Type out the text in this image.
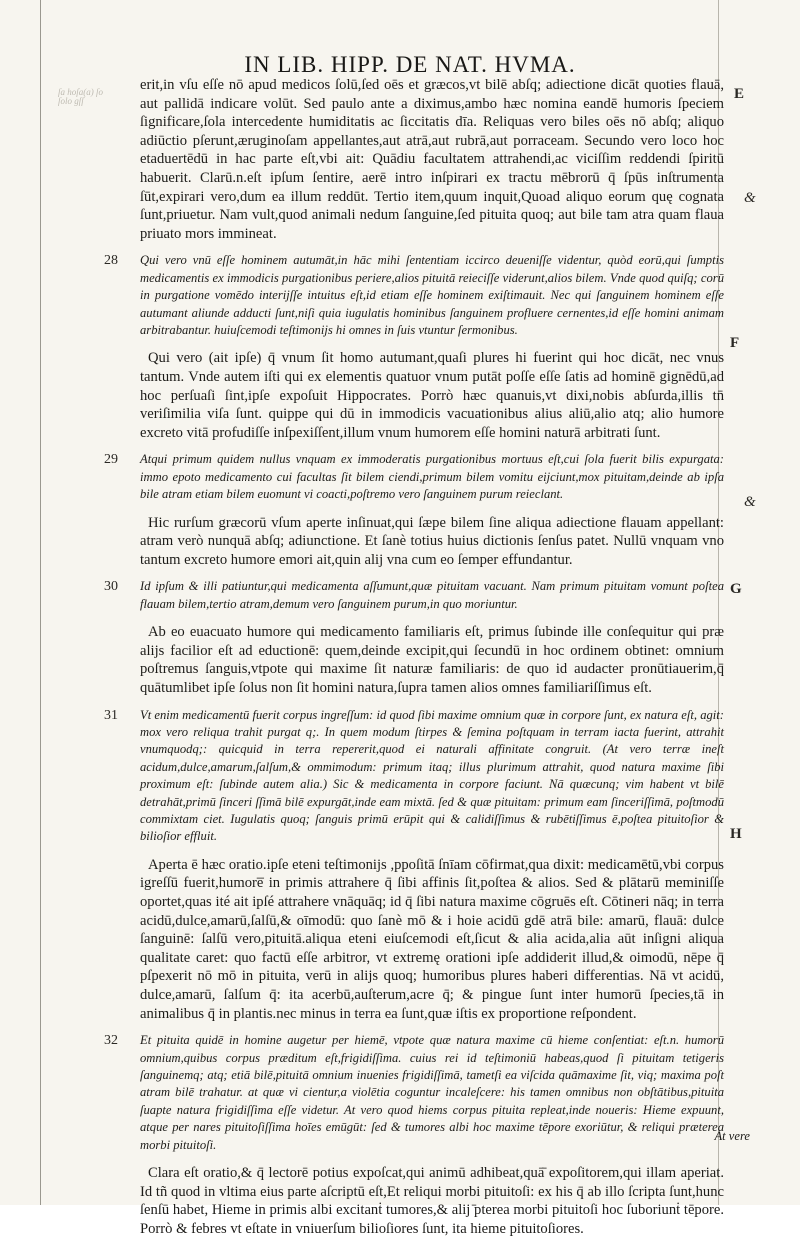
IN LIB. HIPP. DE NAT. HVMA.
ſa hoſa(a) ſo ſolo gſſ	E
&
F
&
G
H

erit,in vſu eſſe nō apud medicos ſolū,ſed oēs et græcos,vt bilē abſq; adiectione dicāt quoties flauā, aut pallidā indicare volūt. Sed paulo ante a diximus,ambo hæc nomina eandē humoris ſpeciem ſignificare,ſola intercedente humiditatis ac ſiccitatis dīa. Reliquas vero biles oēs nō abſq; aliquo adiūctio pſerunt,æruginoſam appellantes,aut atrā,aut rubrā,aut porraceam. Secundo vero loco hoc etaduertēdū in hac parte eſt,vbi ait: Quādiu facultatem attrahendi,ac viciſſim reddendi ſpiritū habuerit. Clarū.n.eſt ipſum ſentire, aerē intro inſpirari ex tractu mēbrorū q̄ ſpūs inſtrumenta ſūt,expirari vero,dum ea illum reddūt. Tertio item,quum inquit,Quoad aliquo eorum quę cognata ſunt,priuetur. Nam vult,quod animali nedum ſanguine,ſed pituita quoq; aut bile tam atra quam flaua priuato mors immineat.

28 Qui vero vnū eſſe hominem autumāt,in hāc mihi ſententiam iccirco deueniſſe videntur, quòd eorū,qui ſumptis medicamentis ex immodicis purgationibus periere,alios pituitā reieciſſe viderunt,alios bilem. Vnde quod quiſq; corū in purgatione vomēdo interijſſe intuitus eſt,id etiam eſſe hominem exiſtimauit. Nec qui ſanguinem hominem eſſe autumant aliunde adducti ſunt,niſi quia iugulatis hominibus ſanguinem profluere cernentes,id eſſe homini animam arbitrabantur. huiuſcemodi teſtimonijs hi omnes in ſuis vtuntur ſermonibus.

Qui vero (ait ipſe) q̄ vnum ſit homo autumant,quaſi plures hi fuerint qui hoc dicāt, nec vnus tantum. Vnde autem iſti qui ex elementis quatuor vnum putāt poſſe eſſe ſatis ad hominē gignēdū,ad hoc perſuaſi ſint,ipſe expoſuit Hippocrates. Porrò hæc quanuis,vt dixi,nobis abſurda,illis tn̄ veriſimilia viſa ſunt. quippe qui dū in immodicis vacuationibus alius aliū,alio atq; alio humore excreto vitā profudiſſe inſpexiſſent,illum vnum humorem eſſe homini naturā arbitrati ſunt.

29 Atqui primum quidem nullus vnquam ex immoderatis purgationibus mortuus eſt,cui ſola fuerit bilis expurgata: immo epoto medicamento cui facultas ſit bilem ciendi,primum bilem vomitu eijciunt,mox pituitam,deinde ab ipſa bile atram etiam bilem euomunt vi coacti,poſtremo vero ſanguinem purum reieclant.

Hic rurſum græcorū vſum aperte inſinuat,qui ſæpe bilem ſine aliqua adiectione flauam appellant: atram verò nunquā abſq; adiunctione. Et ſanè totius huius dictionis ſenſus patet. Nullū vnquam vno tantum excreto humore emori ait,quin alij vna cum eo ſemper effundantur.

30 Id ipſum & illi patiuntur,qui medicamenta aſſumunt,quæ pituitam vacuant. Nam primum pituitam vomunt poſtea flauam bilem,tertio atram,demum vero ſanguinem purum,in quo moriuntur.

Ab eo euacuato humore qui medicamento familiaris eſt, primus ſubinde ille conſequitur qui præ alijs facilior eſt ad eductionē: quem,deinde excipit,qui ſecundū in hoc ordinem obtinet: omnium poſtremus ſanguis,vtpote qui maxime ſit naturæ familiaris: de quo id audacter pronūtiauerim,q̄ quātumlibet ipſe ſolus non ſit homini natura,ſupra tamen alios omnes familiariſſimus eſt.

31 Vt enim medicamentū fuerit corpus ingreſſum: id quod ſibi maxime omnium quæ in corpore ſunt, ex natura eſt, agit: mox vero reliqua trahit purgat q;. In quem modum ſtirpes & ſemina poſtquam in terram iacta fuerint, attrahit vnumquodq;: quicquid in terra repererit,quod ei naturali affinitate congruit. (At vero terræ ineſt acidum,dulce,amarum,ſalſum,& ommimodum: primum itaq; illus plurimum attrahit, quod natura maxime ſibi proximum eſt: ſubinde autem alia.) Sic & medicamenta in corpore faciunt. Nā quæcunq; vim habent vt bilē detrahāt,primū ſinceri ſſimā bilē expurgāt,inde eam mixtā. ſed & quæ pituitam: primum eam ſinceriſſimā, poſtmodū commixtam ciet. Iugulatis quoq; ſanguis primū erūpit qui & calidiſſimus & rubētiſſimus ē,poſtea pituitoſior & bilioſior effluit.

Aperta ē hæc oratio.ipſe eteni teſtimonijs ,ppoſitā ſnīam cōfirmat,qua dixit: medicamētū,vbi corpus igreſſū fuerit,humore̅ in primis attrahere q̄ ſibi affinis ſit,poſtea & alios. Sed & plātarū meminiſſe oportet,quas ité ait ipſé attrahere vnāquāq; id q̄ ſibi natura maxime cōgruēs eſt. Cōtineri nāq; in terra acidū,dulce,amarū,ſalſū,& oīmodū: quo ſanè mō & i hoie acidū gdē atrā bile: amarū, flauā: dulce ſanguinē: ſalſū vero,pituitā.aliqua eteni eiuſcemodi eſt,ſicut & alia acida,alia aūt inſigni aliqua qualitate caret: quo factū eſſe arbitror, vt extremę orationi ipſe addiderit illud,& oimodū, nēpe q̄ pſpexerit nō mō in pituita, verū in alijs quoq; humoribus plures haberi differentias. Nā vt acidū, dulce,amarū, ſalſum q̄: ita acerbū,auſterum,acre q̄; & pingue ſunt inter humorū ſpecies,tā in animalibus q̄ in plantis.nec minus in terra ea ſunt,quæ iſtis ex proportione reſpondent.

32 Et pituita quidē in homine augetur per hiemē, vtpote quæ natura maxime cū hieme conſentiat: eſt.n. humorū omnium,quibus corpus præditum eſt,frigidiſſima. cuius rei id teſtimoniū habeas,quod ſi pituitam tetigeris ſanguinemq; atq; etiā bilē,pituitā omnium inuenies frigidiſſimā, tametſi ea viſcida quāmaxime ſit, viq; maxima poſt atram bilē trahatur. at quæ vi cientur,a violētia coguntur incaleſcere: his tamen omnibus non obſtātibus,pituita ſuapte natura frigidiſſima eſſe videtur. At vero quod hiems corpus pituita repleat,inde noueris: Hieme expuunt, atque per nares pituitoſiſſima hoīes emūgūt: ſed & tumores albi hoc maxime tēpore exoriūtur, & reliqui præterea morbi pituitoſi.

Clara eſt oratio,& q̄ lectorē potius expoſcat,qui animū adhibeat,quā̄ expoſitorem,qui illam aperiat. Id tñ quod in vltima eius parte aſcriptū eſt,Et reliqui morbi pituitoſi: ex his q̄ ab illo ſcripta ſunt,hunc ſenſū habet, Hieme in primis albi excitanṫ tumores,& alij ̄pterea morbi pituitoſi hoc ſuboriunṫ tēpore. Porrò & febres vt eſtate in vniuerſum bilioſiores ſunt, ita hieme pituitoſiores.

At vere
